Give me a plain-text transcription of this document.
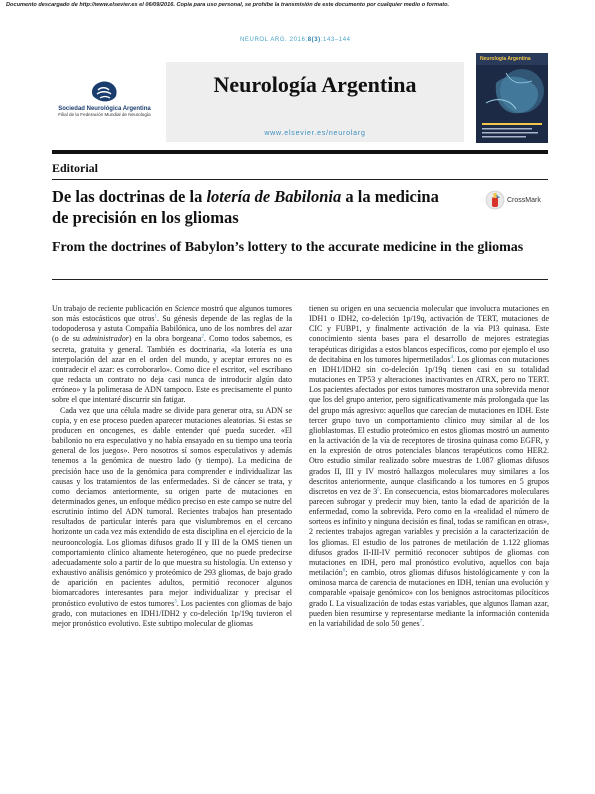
Documento descargado de http://www.elsevier.es el 06/09/2016. Copia para uso personal, se prohíbe la transmisión de este documento por cualquier medio o formato.
NEUROL ARG. 2016;8(3):143–144
Sociedad Neurológica Argentina
Filial de la Federación Mundial de Neurología
Neurología Argentina
www.elsevier.es/neurolarg
Neurología Argentina
Editorial
De las doctrinas de la lotería de Babilonia a la medicina de precisión en los gliomas
CrossMark
From the doctrines of Babylon’s lottery to the accurate medicine in the gliomas

Un trabajo de reciente publicación en Science mostró que algunos tumores son más estocásticos que otros$^1$. Su génesis depende de las reglas de la todopoderosa y astuta Compañía Babilónica, uno de los nombres del azar (o de su administrador) en la obra borgeana$^2$. Como todos sabemos, es secreta, gratuita y general. También es doctrinaria, «la lotería es una interpolación del azar en el orden del mundo, y aceptar errores no es contradecir el azar: es corroborarlo». Como dice el escritor, «el escribano que redacta un contrato no deja casi nunca de introducir algún dato erróneo» y la polimerasa de ADN tampoco. Este es precisamente el punto sobre el que intentaré discurrir sin fatigar.

Cada vez que una célula madre se divide para generar otra, su ADN se copia, y en ese proceso pueden aparecer mutaciones aleatorias. Si estas se producen en oncogenes, es dable entender qué pueda suceder. «El babilonio no era especulativo y no había ensayado en su tiempo una teoría general de los juegos». Pero nosotros sí somos especulativos y además tenemos a la genómica de nuestro lado (y tiempo). La medicina de precisión hace uso de la genómica para comprender e individualizar las causas y los tratamientos de las enfermedades. Si de cáncer se trata, y como decíamos anteriormente, su origen parte de mutaciones en determinados genes, un enfoque médico preciso en este campo se nutre del escrutinio íntimo del ADN tumoral. Recientes trabajos han presentado resultados de particular interés para que vislumbremos en el cercano horizonte un cada vez más extendido de esta disciplina en el ejercicio de la neurooncología. Los gliomas difusos grado II y III de la OMS tienen un comportamiento clínico altamente heterogéneo, que no puede predecirse adecuadamente solo a partir de lo que muestra su histología. Un extenso y exhaustivo análisis genómico y proteómico de 293 gliomas, de bajo grado de aparición en pacientes adultos, permitió reconocer algunos biomarcadores interesantes para mejor individualizar y precisar el pronóstico evolutivo de estos tumores$^3$. Los pacientes con gliomas de bajo grado, con mutaciones en IDH1/IDH2 y co-deleción 1p/19q tuvieron el mejor pronóstico evolutivo. Este subtipo molecular de gliomas

tienen su origen en una secuencia molecular que involucra mutaciones en IDH1 o IDH2, co-deleción 1p/19q, activación de TERT, mutaciones de CIC y FUBP1, y finalmente activación de la vía PI3 quinasa. Este conocimiento sienta bases para el desarrollo de mejores estrategias terapéuticas dirigidas a estos blancos específicos, como por ejemplo el uso de decitabina en los tumores hipermetilados$^4$. Los gliomas con mutaciones en IDH1/IDH2 sin co-deleción 1p/19q tienen casi en su totalidad mutaciones en TP53 y alteraciones inactivantes en ATRX, pero no TERT. Los pacientes afectados por estos tumores mostraron una sobrevida menor que los del grupo anterior, pero significativamente más prolongada que las del grupo más agresivo: aquellos que carecían de mutaciones en IDH. Este tercer grupo tuvo un comportamiento clínico muy similar al de los glioblastomas. El estudio proteómico en estos gliomas mostró un aumento en la activación de la vía de receptores de tirosina quinasa como EGFR, y en la expresión de otros potenciales blancos terapéuticos como HER2. Otro estudio similar realizado sobre muestras de 1.087 gliomas difusos grados II, III y IV mostró hallazgos moleculares muy similares a los descritos anteriormente, aunque clasificando a los tumores en 5 grupos discretos en vez de $3^5$. En consecuencia, estos biomarcadores moleculares parecen subrogar y predecir muy bien, tanto la edad de aparición de la enfermedad, como la sobrevida. Pero como en la «realidad el número de sorteos es infinito y ninguna decisión es final, todas se ramifican en otras», 2 recientes trabajos agregan variables y precisión a la caracterización de los gliomas. El estudio de los patrones de metilación de 1.122 gliomas difusos grados II-III-IV permitió reconocer subtipos de gliomas con mutaciones en IDH, pero mal pronóstico evolutivo, aquellos con baja metilación$^6$; en cambio, otros gliomas difusos histológicamente y con la ominosa marca de carencia de mutaciones en IDH, tenían una evolución y comparable «paisaje genómico» con los benignos astrocitomas pilocíticos grado I. La visualización de todas estas variables, que algunos llaman azar, pueden bien resumirse y representarse mediante la información contenida en la variabilidad de solo 50 genes$^7$.
